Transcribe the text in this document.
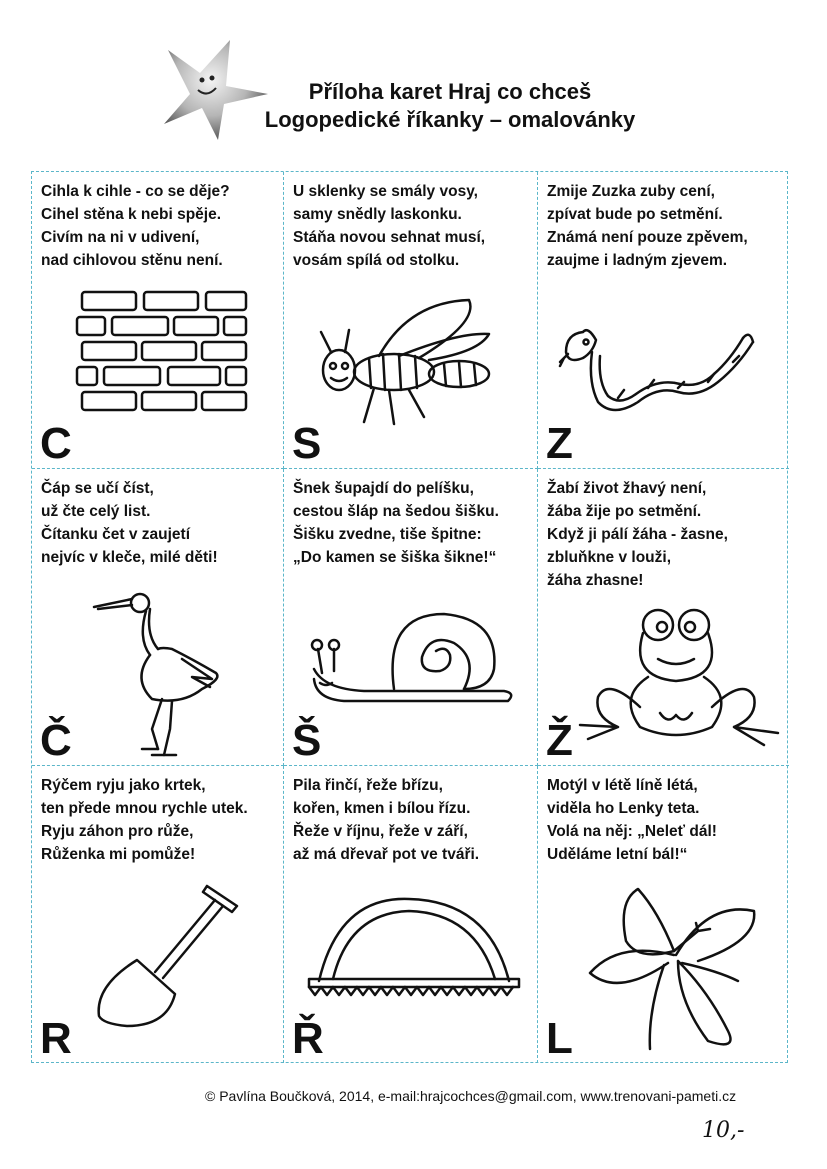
Příloha karet Hraj co chceš
Logopedické říkanky – omalovánky
Cihla k cihle - co se děje?
Cihel stěna k nebi spěje.
Civím na ni v udivení,
nad cihlovou stěnu není.
C
U sklenky se smály vosy,
samy snědly laskonku.
Stáňa novou sehnat musí,
vosám spílá od stolku.
S
Zmije Zuzka zuby cení,
zpívat bude po setmění.
Známá není pouze zpěvem,
zaujme i ladným zjevem.
Z
Čáp se učí číst,
už čte celý list.
Čítanku čet v zaujetí
nejvíc v kleče, milé děti!
Č
Šnek šupajdí do pelíšku,
cestou šláp na šedou šišku.
Šišku zvedne, tiše špitne:
„Do kamen se šiška šikne!“
Š
Žabí život žhavý není,
žába žije po setmění.
Když ji pálí žáha - žasne,
zbluňkne v louži,
žáha zhasne!
Ž
Rýčem ryju jako krtek,
ten přede mnou rychle utek.
Ryju záhon pro růže,
Růženka mi pomůže!
R
Pila řinčí, řeže břízu,
kořen, kmen i bílou řízu.
Řeže v říjnu, řeže v září,
až má dřevař pot ve tváři.
Ř
Motýl v létě líně létá,
viděla ho Lenky teta.
Volá na něj: „Neleť dál!
Uděláme letní bál!“
L
© Pavlína Boučková, 2014, e-mail:hrajcochces@gmail.com, www.trenovani-pameti.cz
10,-
